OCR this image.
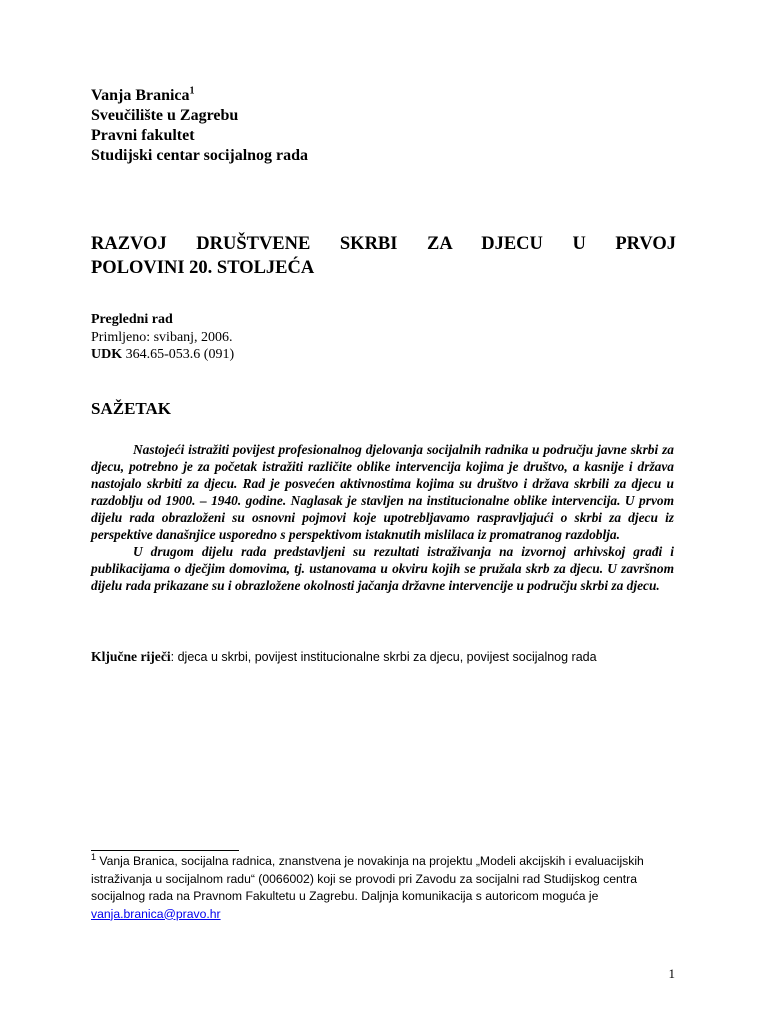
Vanja Branica$^1$
Sveučilište u Zagrebu
Pravni fakultet
Studijski centar socijalnog rada
RAZVOJ DRUŠTVENE SKRBI ZA DJECU U PRVOJ
POLOVINI 20. STOLJEĆA
Pregledni rad
Primljeno: svibanj, 2006.
UDK 364.65-053.6 (091)
SAŽETAK

Nastojeći istražiti povijest profesionalnog djelovanja socijalnih radnika u području javne skrbi za djecu, potrebno je za početak istražiti različite oblike intervencija kojima je društvo, a kasnije i država nastojalo skrbiti za djecu. Rad je posvećen aktivnostima kojima su društvo i država skrbili za djecu u razdoblju od 1900. – 1940. godine. Naglasak je stavljen na institucionalne oblike intervencija. U prvom dijelu rada obrazloženi su osnovni pojmovi koje upotrebljavamo raspravljajući o skrbi za djecu iz perspektive današnjice usporedno s perspektivom istaknutih mislilaca iz promatranog razdoblja.

U drugom dijelu rada predstavljeni su rezultati istraživanja na izvornoj arhivskoj građi i publikacijama o dječjim domovima, tj. ustanovama u okviru kojih se pružala skrb za djecu. U završnom dijelu rada prikazane su i obrazložene okolnosti jačanja državne intervencije u području skrbi za djecu.

Ključne riječi: djeca u skrbi, povijest institucionalne skrbi za djecu, povijest socijalnog rada
$^1$ Vanja Branica, socijalna radnica, znanstvena je novakinja na projektu „Modeli akcijskih i evaluacijskih istraživanja u socijalnom radu“ (0066002) koji se provodi pri Zavodu za socijalni rad Studijskog centra socijalnog rada na Pravnom Fakultetu u Zagrebu. Daljnja komunikacija s autoricom moguća je vanja.branica@pravo.hr
1
